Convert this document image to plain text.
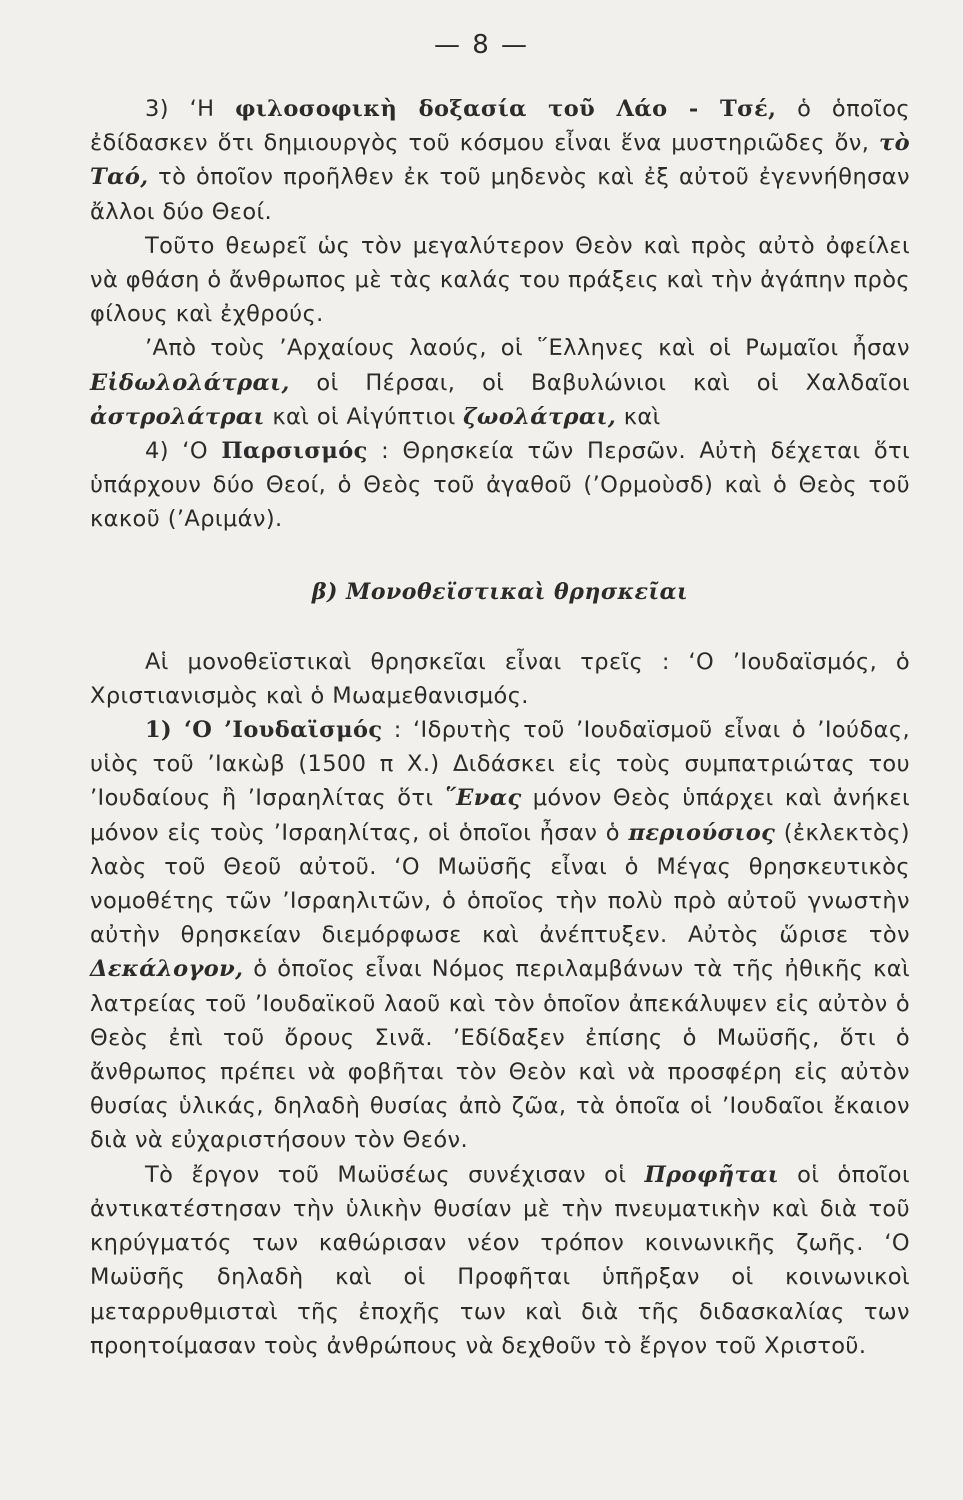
— 8 —

3) ‘Η φιλοσοφικὴ δοξασία τοῦ Λάο - Τσέ, ὁ ὁποῖος ἐδίδασκεν ὅτι δημιουργὸς τοῦ κόσμου εἶναι ἕνα μυστηριῶδες ὄν, τὸ Ταό, τὸ ὁποῖον προῆλθεν ἐκ τοῦ μηδενὸς καὶ ἐξ αὐτοῦ ἐγεννήθησαν ἄλλοι δύο Θεοί.

Τοῦτο θεωρεῖ ὡς τὸν μεγαλύτερον Θεὸν καὶ πρὸς αὐτὸ ὀφείλει νὰ φθάση ὁ ἄνθρωπος μὲ τὰς καλάς του πράξεις καὶ τὴν ἀγάπην πρὸς φίλους καὶ ἐχθρούς.

’Απὸ τοὺς ’Αρχαίους λαούς, οἱ ῞Ελληνες καὶ οἱ Ρωμαῖοι ἦσαν Εἰδωλολάτραι, οἱ Πέρσαι, οἱ Βαβυλώνιοι καὶ οἱ Χαλδαῖοι ἀστρολάτραι καὶ οἱ Αἰγύπτιοι ζωολάτραι, καὶ

4) ‘Ο Παρσισμός : Θρησκεία τῶν Περσῶν. Αὐτὴ δέχεται ὅτι ὑπάρχουν δύο Θεοί, ὁ Θεὸς τοῦ ἀγαθοῦ (’Ορμοὺσδ) καὶ ὁ Θεὸς τοῦ κακοῦ (’Αριμάν).

β) Μονοθεϊστικαὶ θρησκεῖαι

Αἱ μονοθεϊστικαὶ θρησκεῖαι εἶναι τρεῖς : ‘Ο ’Ιουδαϊσμός, ὁ Χριστιανισμὸς καὶ ὁ Μωαμεθανισμός.

1) ‘Ο ’Ιουδαϊσμός : ‘Ιδρυτὴς τοῦ ’Ιουδαϊσμοῦ εἶναι ὁ ’Ιούδας, υἱὸς τοῦ ’Ιακὼβ (1500 π Χ.) Διδάσκει εἰς τοὺς συμπατριώτας του ’Ιουδαίους ἢ ’Ισραηλίτας ὅτι ῞Ενας μόνον Θεὸς ὑπάρχει καὶ ἀνήκει μόνον εἰς τοὺς ’Ισραηλίτας, οἱ ὁποῖοι ἦσαν ὁ περιούσιος (ἐκλεκτὸς) λαὸς τοῦ Θεοῦ αὐτοῦ. ‘Ο Μωϋσῆς εἶναι ὁ Μέγας θρησκευτικὸς νομοθέτης τῶν ’Ισραηλιτῶν, ὁ ὁποῖος τὴν πολὺ πρὸ αὐτοῦ γνωστὴν αὐτὴν θρησκείαν διεμόρφωσε καὶ ἀνέπτυξεν. Αὐτὸς ὥρισε τὸν Δεκάλογον, ὁ ὁποῖος εἶναι Νόμος περιλαμβάνων τὰ τῆς ἠθικῆς καὶ λατρείας τοῦ ’Ιουδαϊκοῦ λαοῦ καὶ τὸν ὁποῖον ἀπεκάλυψεν εἰς αὐτὸν ὁ Θεὸς ἐπὶ τοῦ ὄρους Σινᾶ. ’Εδίδαξεν ἐπίσης ὁ Μωϋσῆς, ὅτι ὁ ἄνθρωπος πρέπει νὰ φοβῆται τὸν Θεὸν καὶ νὰ προσφέρη εἰς αὐτὸν θυσίας ὑλικάς, δηλαδὴ θυσίας ἀπὸ ζῶα, τὰ ὁποῖα οἱ ’Ιουδαῖοι ἔκαιον διὰ νὰ εὐχαριστήσουν τὸν Θεόν.

Τὸ ἔργον τοῦ Μωϋσέως συνέχισαν οἱ Προφῆται οἱ ὁποῖοι ἀντικατέστησαν τὴν ὑλικὴν θυσίαν μὲ τὴν πνευματικὴν καὶ διὰ τοῦ κηρύγματός των καθώρισαν νέον τρόπον κοινωνικῆς ζωῆς. ‘Ο Μωϋσῆς δηλαδὴ καὶ οἱ Προφῆται ὑπῆρξαν οἱ κοινωνικοὶ μεταρρυθμισταὶ τῆς ἐποχῆς των καὶ διὰ τῆς διδασκαλίας των προητοίμασαν τοὺς ἀνθρώπους νὰ δεχθοῦν τὸ ἔργον τοῦ Χριστοῦ.
